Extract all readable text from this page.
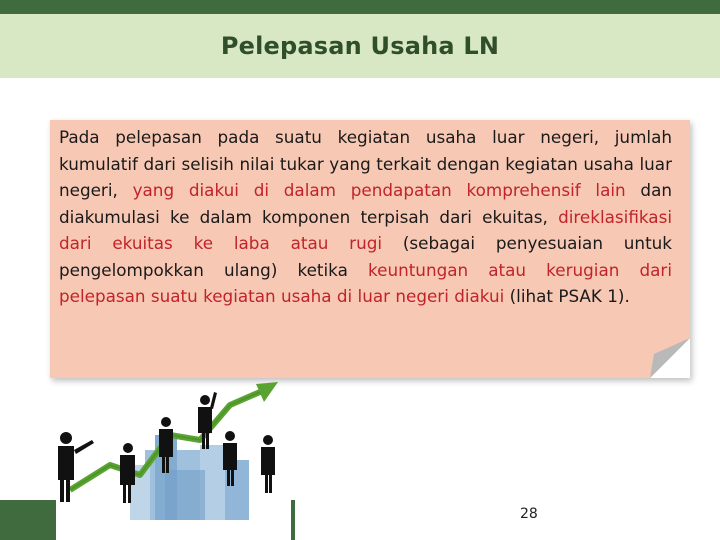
Pelepasan Usaha LN

Pada pelepasan pada suatu kegiatan usaha luar negeri, jumlah kumulatif dari selisih nilai tukar yang terkait dengan kegiatan usaha luar negeri, yang diakui di dalam pendapatan komprehensif lain dan diakumulasi ke dalam komponen terpisah dari ekuitas, direklasifikasi dari ekuitas ke laba atau rugi (sebagai penyesuaian untuk pengelompokkan ulang) ketika keuntungan atau kerugian dari pelepasan suatu kegiatan usaha di luar negeri diakui (lihat PSAK 1).

28
